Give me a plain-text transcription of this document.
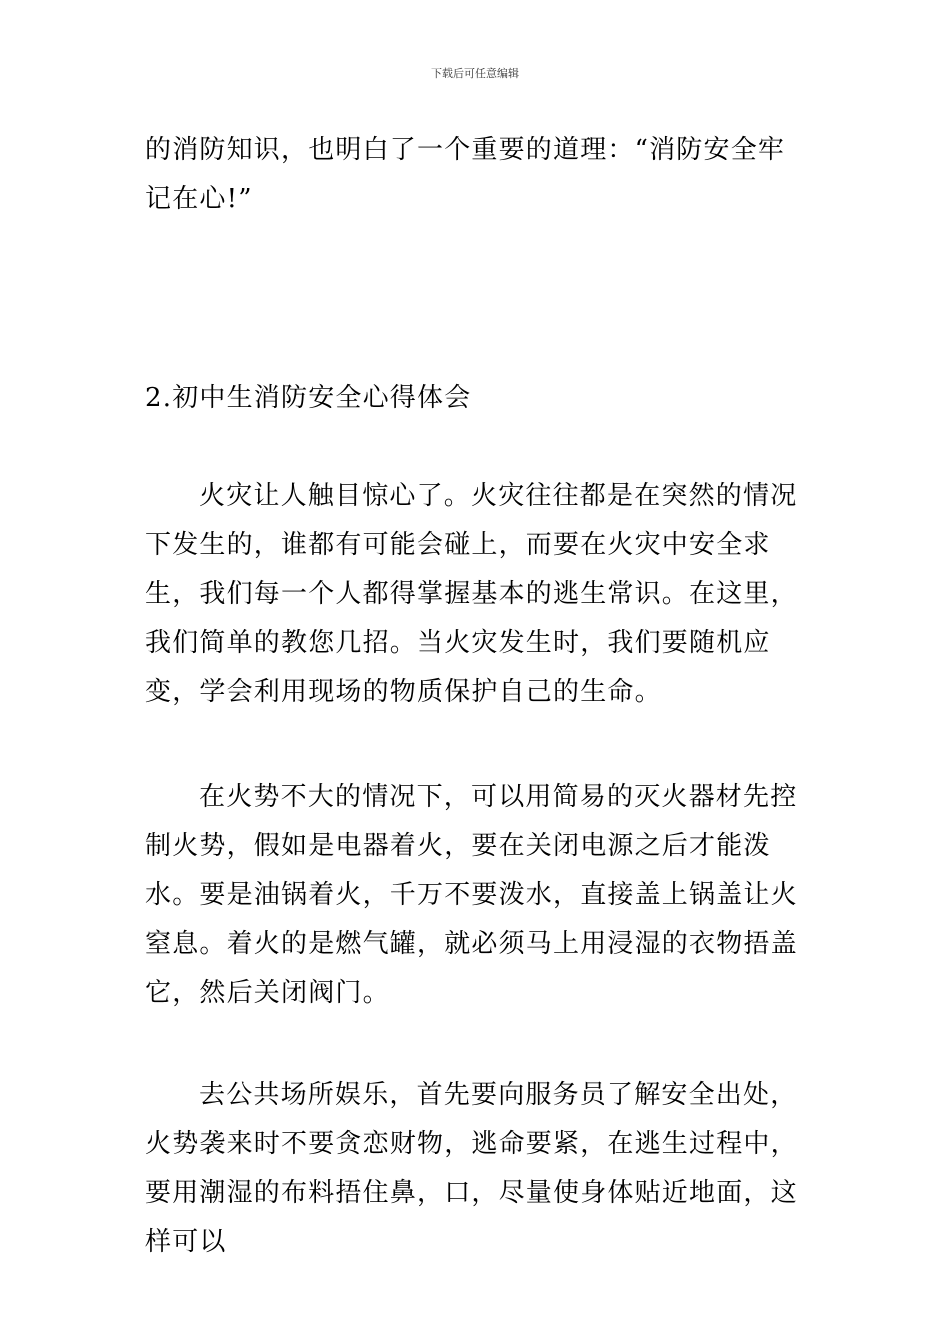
下载后可任意编辑

的消防知识，也明白了一个重要的道理：“消防安全牢记在心!”

2.初中生消防安全心得体会

火灾让人触目惊心了。火灾往往都是在突然的情况下发生的，谁都有可能会碰上，而要在火灾中安全求生，我们每一个人都得掌握基本的逃生常识。在这里，我们简单的教您几招。当火灾发生时，我们要随机应变，学会利用现场的物质保护自己的生命。

在火势不大的情况下，可以用简易的灭火器材先控制火势，假如是电器着火，要在关闭电源之后才能泼水。要是油锅着火，千万不要泼水，直接盖上锅盖让火窒息。着火的是燃气罐，就必须马上用浸湿的衣物捂盖它，然后关闭阀门。

去公共场所娱乐，首先要向服务员了解安全出处，火势袭来时不要贪恋财物，逃命要紧，在逃生过程中，要用潮湿的布料捂住鼻，口，尽量使身体贴近地面，这样可以
